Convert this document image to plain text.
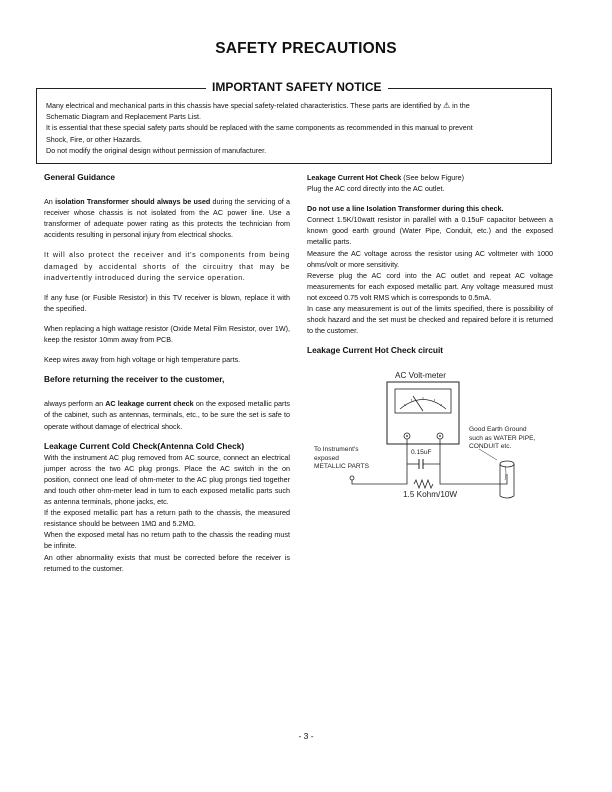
SAFETY PRECAUTIONS
IMPORTANT SAFETY NOTICE

Many electrical and mechanical parts in this chassis have special safety-related characteristics. These parts are identified by ⚠ in the

Schematic Diagram and Replacement Parts List.

It is essential that these special safety parts should be replaced with the same components as recommended in this manual to prevent

Shock, Fire, or other Hazards.

Do not modify the original design without permission of manufacturer.

General Guidance

An isolation Transformer should always be used during the servicing of a receiver whose chassis is not isolated from the AC power line. Use a transformer of adequate power rating as this protects the technician from accidents resulting in personal injury from electrical shocks.

It will also protect the receiver and it's components from being damaged by accidental shorts of the circuitry that may be inadvertently introduced during the service operation.

If any fuse (or Fusible Resistor) in this TV receiver is blown, replace it with the specified.

When replacing a high wattage resistor (Oxide Metal Film Resistor, over 1W), keep the resistor 10mm away from PCB.

Keep wires away from high voltage or high temperature parts.

Before returning the receiver to the customer,

always perform an AC leakage current check on the exposed metallic parts of the cabinet, such as antennas, terminals, etc., to be sure the set is safe to operate without damage of electrical shock.

Leakage Current Cold Check(Antenna Cold Check)

With the instrument AC plug removed from AC source, connect an electrical jumper across the two AC plug prongs. Place the AC switch in the on position, connect one lead of ohm-meter to the AC plug prongs tied together and touch other ohm-meter lead in turn to each exposed metallic parts such as antenna terminals, phone jacks, etc.

If the exposed metallic part has a return path to the chassis, the measured resistance should be between 1MΩ and 5.2MΩ.

When the exposed metal has no return path to the chassis the reading must be infinite.

An other abnormality exists that must be corrected before the receiver is returned to the customer.

Leakage Current Hot Check (See below Figure)

Plug the AC cord directly into the AC outlet.

Do not use a line Isolation Transformer during this check.

Connect 1.5K/10watt resistor in parallel with a 0.15uF capacitor between a known good earth ground (Water Pipe, Conduit, etc.) and the exposed metallic parts.

Measure the AC voltage across the resistor using AC voltmeter with 1000 ohms/volt or more sensitivity.

Reverse plug the AC cord into the AC outlet and repeat AC voltage measurements for each exposed metallic part. Any voltage measured must not exceed 0.75 volt RMS which is corresponds to 0.5mA.

In case any measurement is out of the limits specified, there is possibility of shock hazard and the set must be checked and repaired before it is returned to the customer.

Leakage Current Hot Check circuit
AC Volt-meter
To Instrument's
exposed
METALLIC PARTS
Good Earth Ground
such as WATER PIPE,
CONDUIT etc.
0.15uF
1.5 Kohm/10W
- 3 -
